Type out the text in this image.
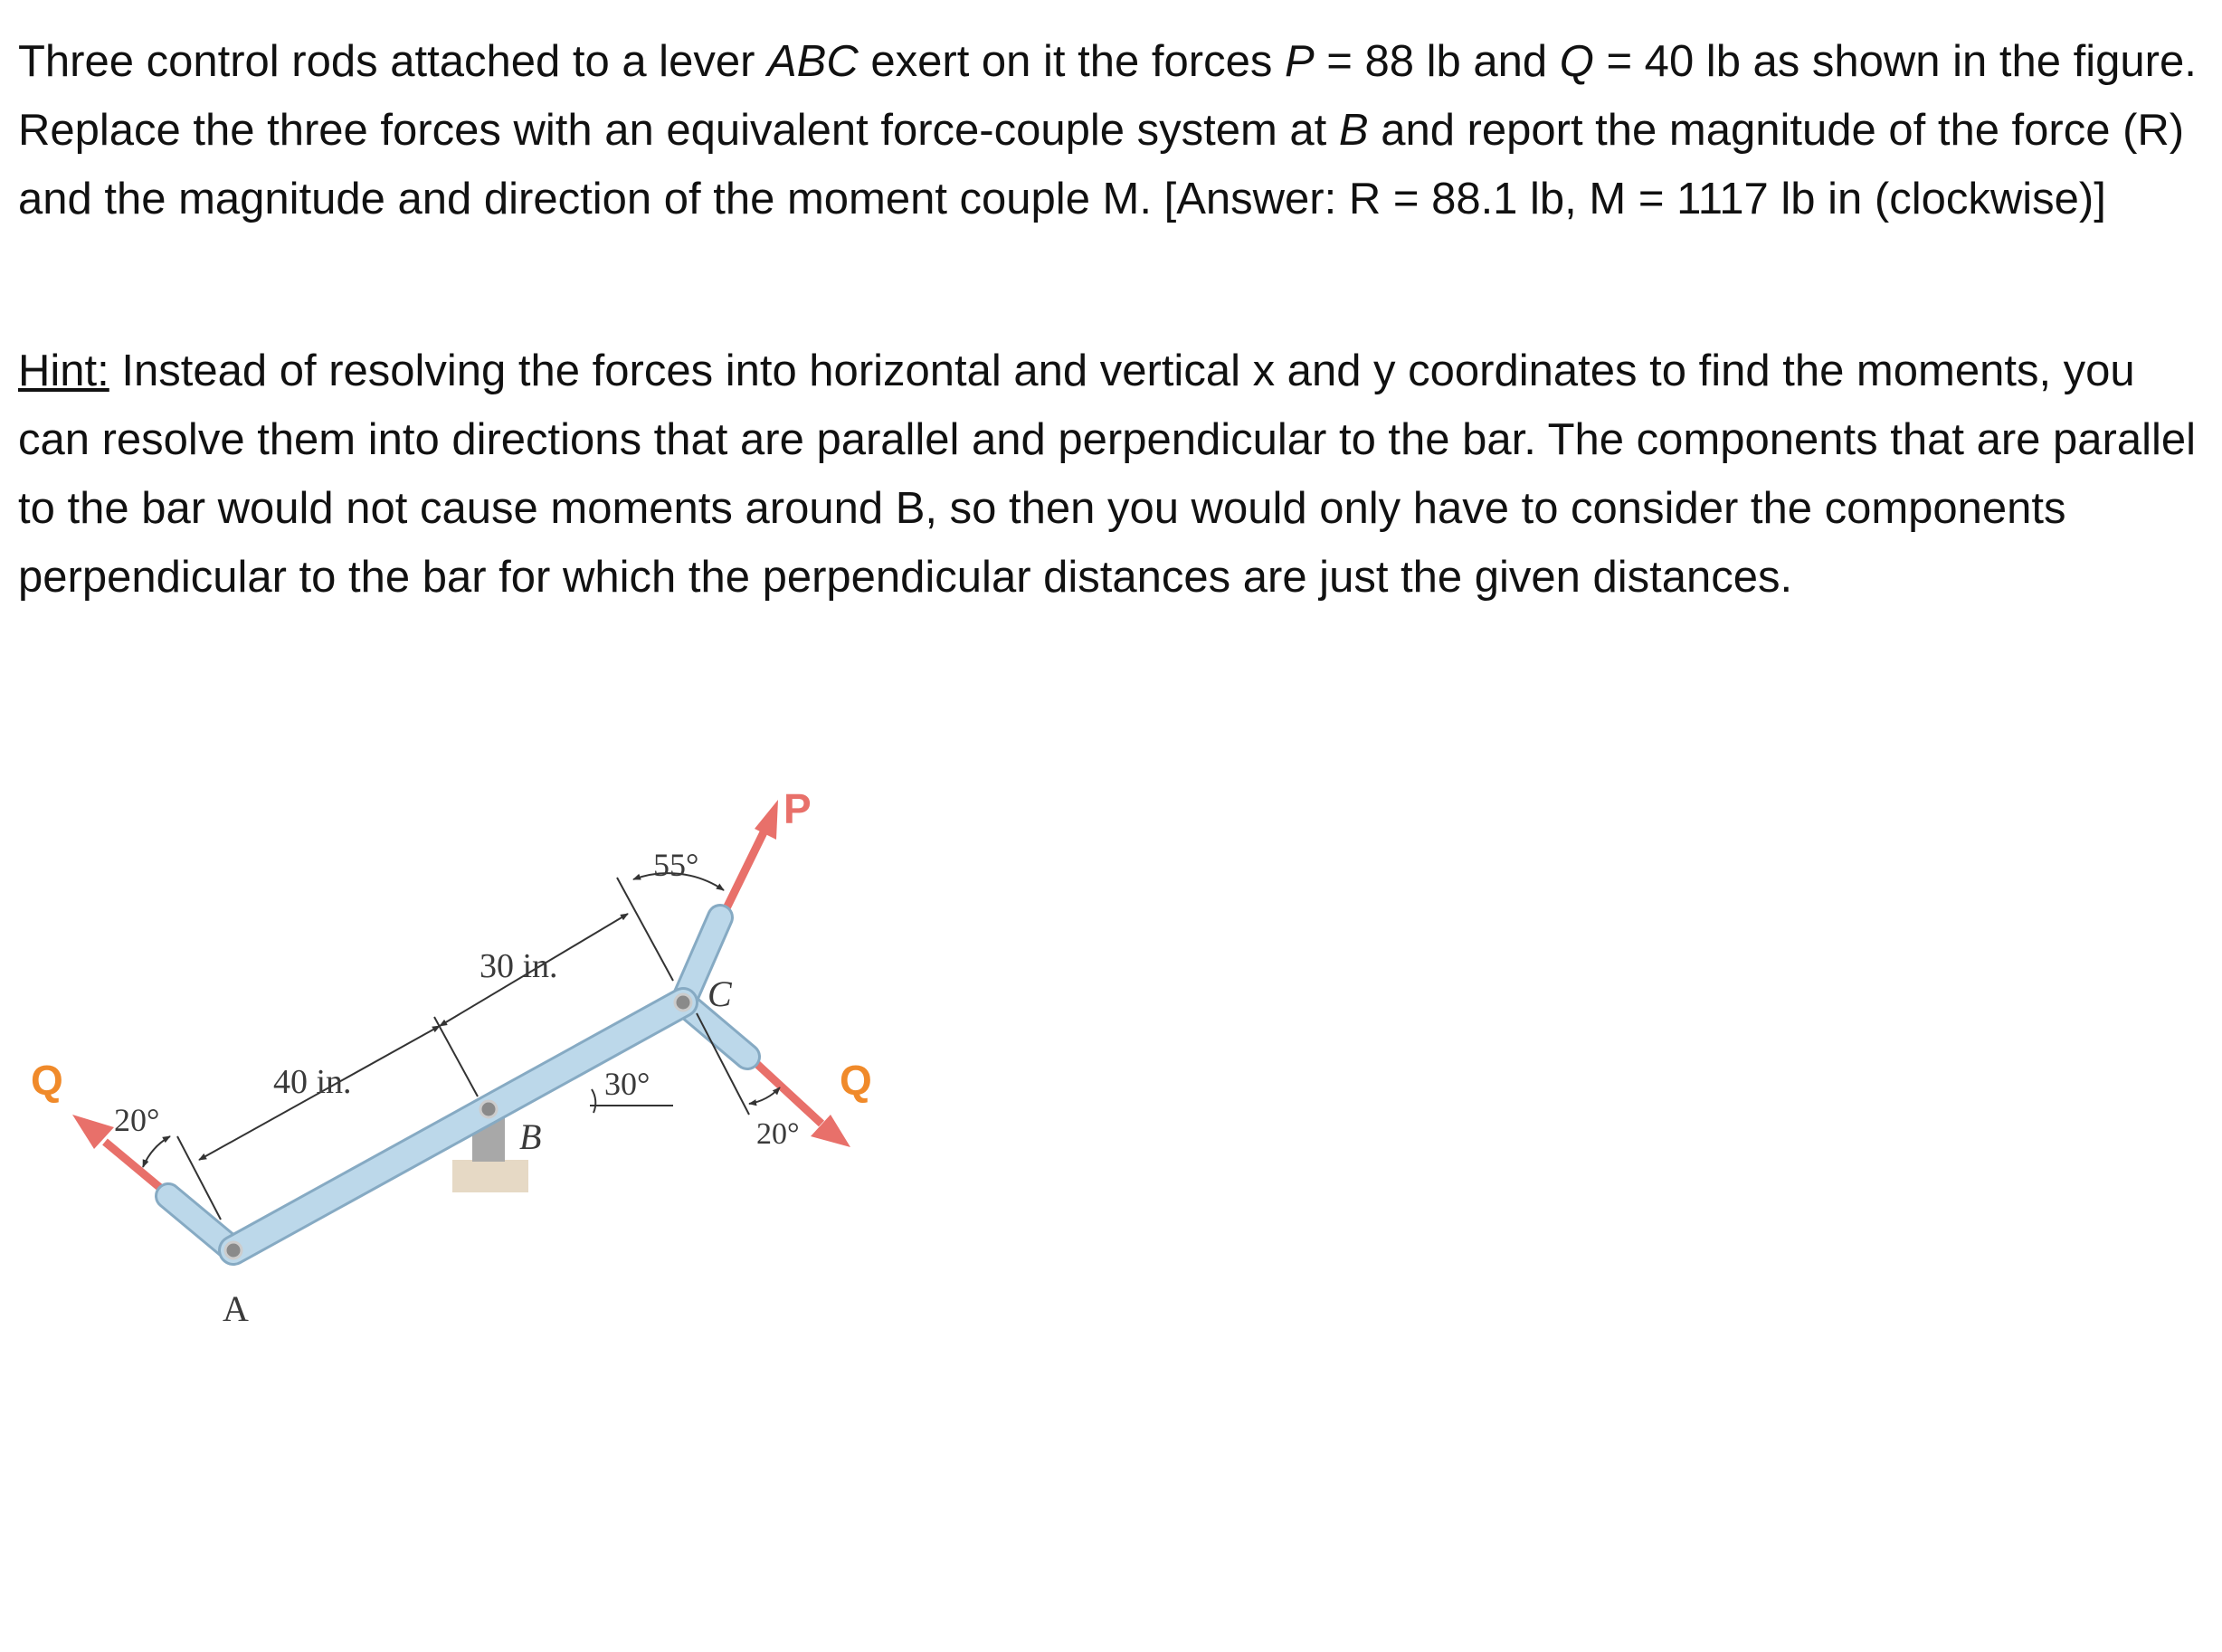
Three control rods attached to a lever ABC exert on it the forces P = 88 lb and Q = 40 lb as shown in the figure. Replace the three forces with an equivalent force-couple system at B and report the magnitude of the force (R) and the magnitude and direction of the moment couple M. [Answer: R = 88.1 lb, M = 1117 lb in (clockwise)]
Hint: Instead of resolving the forces into horizontal and vertical x and y coordinates to find the moments, you can resolve them into directions that are parallel and perpendicular to the bar. The components that are parallel to the bar would not cause moments around B, so then you would only have to consider the components perpendicular to the bar for which the perpendicular distances are just the given distances.
P
Q	Q
A
B
C
40 in.
30 in.
30°
55°
20°	20°
